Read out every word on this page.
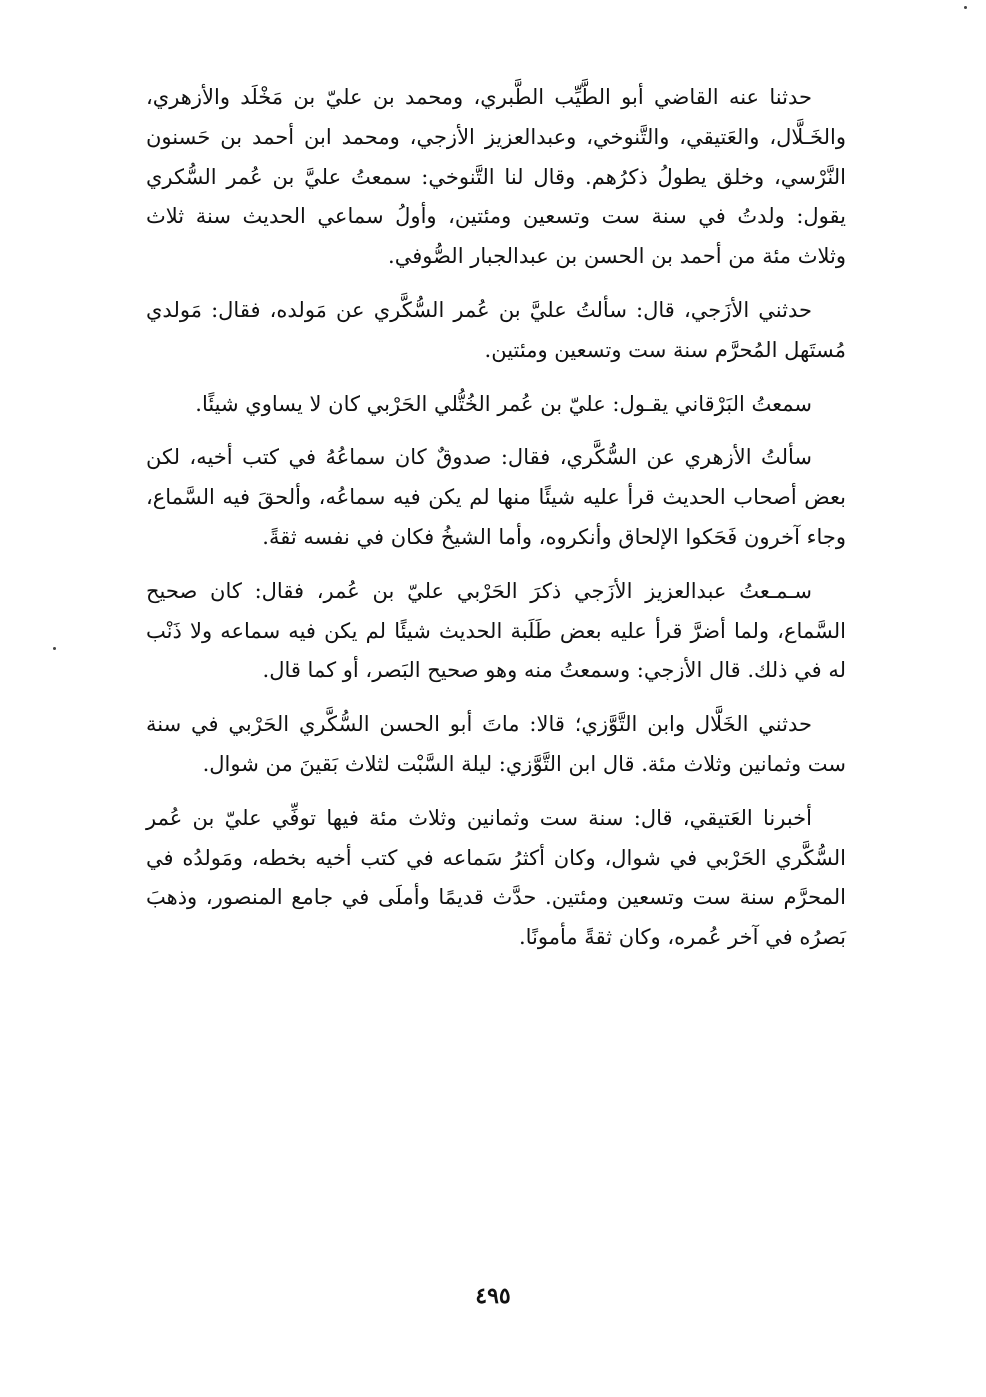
حدثنا عنه القاضي أبو الطَّيِّب الطَّبري، ومحمد بن عليّ بن مَخْلَد والأزهري، والخَـلَّال، والعَتيقي، والتَّنوخي، وعبدالعزيز الأزجي، ومحمد ابن أحمد بن حَسنون النَّرْسي، وخلق يطولُ ذكرُهم. وقال لنا التَّنوخي: سمعتُ عليَّ بن عُمر السُّكري يقول: ولدتُ في سنة ست وتسعين ومئتين، وأولُ سماعي الحديث سنة ثلاث وثلاث مئة من أحمد بن الحسن بن عبدالجبار الصُّوفي.

حدثني الأزَجي، قال: سألتُ عليَّ بن عُمر السُّكَّري عن مَولده، فقال: مَولدي مُستَهل المُحرَّم سنة ست وتسعين ومئتين.

سمعتُ البَرْقاني يقـول: عليّ بن عُمر الخُتُّلي الحَرْبي كان لا يساوي شيئًا.

سألتُ الأزهري عن السُّكَّري، فقال: صدوقٌ كان سماعُهُ في كتب أخيه، لكن بعض أصحاب الحديث قرأ عليه شيئًا منها لم يكن فيه سماعُه، وألحقَ فيه السَّماع، وجاء آخرون فَحَكوا الإلحاق وأنكروه، وأما الشيخُ فكان في نفسه ثقةً.

سـمـعتُ عبدالعزيز الأزَجي ذكرَ الحَرْبي عليّ بن عُمر، فقال: كان صحيح السَّماع، ولما أضرَّ قرأ عليه بعض طَلَبة الحديث شيئًا لم يكن فيه سماعه ولا ذَنْب له في ذلك. قال الأزجي: وسمعتُ منه وهو صحيح البَصر، أو كما قال.

حدثني الخَلَّال وابن التَّوَّزي؛ قالا: ماتَ أبو الحسن السُّكَّري الحَرْبي في سنة ست وثمانين وثلاث مئة. قال ابن التَّوَّزي: ليلة السَّبْت لثلاث بَقينَ من شوال.

أخبرنا العَتيقي، قال: سنة ست وثمانين وثلاث مئة فيها توفِّي عليّ بن عُمر السُّكَّري الحَرْبي في شوال، وكان أكثرُ سَماعه في كتب أخيه بخطه، ومَولدُه في المحرَّم سنة ست وتسعين ومئتين. حدَّث قديمًا وأملَى في جامع المنصور، وذهبَ بَصرُه في آخر عُمره، وكان ثقةً مأمونًا.

٤٩٥
